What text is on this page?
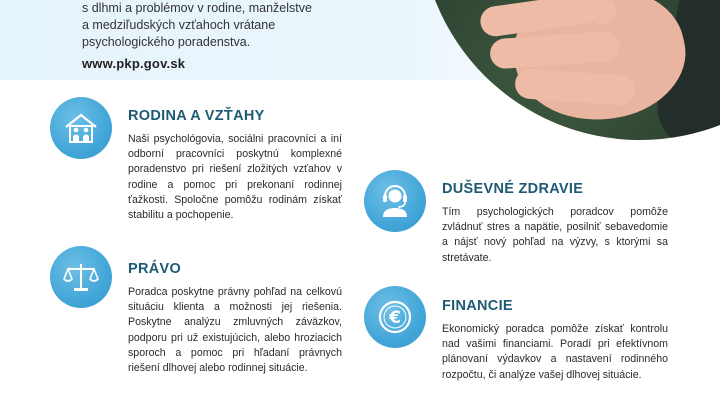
s dlhmi a problémov v rodine, manželstve
a medziľudských vzťahoch vrátane
psychologického poradenstva.
www.pkp.gov.sk
RODINA A VZŤAHY
Naši psychológovia, sociálni pracovníci a iní odborní pracovníci poskytnú komplexné poradenstvo pri riešení zložitých vzťahov v rodine a pomoc pri prekonaní rodinnej ťažkosti. Spoločne pomôžu rodinám získať stabilitu a pochopenie.
PRÁVO
Poradca poskytne právny pohľad na celkovú situáciu klienta a možnosti jej riešenia. Poskytne analýzu zmluvných záväzkov, podporu pri už existujúcich, alebo hroziacich sporoch a pomoc pri hľadaní právnych riešení dlhovej alebo rodinnej situácie.
DUŠEVNÉ ZDRAVIE
Tím psychologických poradcov pomôže zvládnuť stres a napätie, posilniť sebavedomie a nájsť nový pohľad na výzvy, s ktorými sa stretávate.
€
FINANCIE
Ekonomický poradca pomôže získať kontrolu nad vašimi financiami. Poradí pri efektívnom plánovaní výdavkov a nastavení rodinného rozpočtu, či analýze vašej dlhovej situácie.
